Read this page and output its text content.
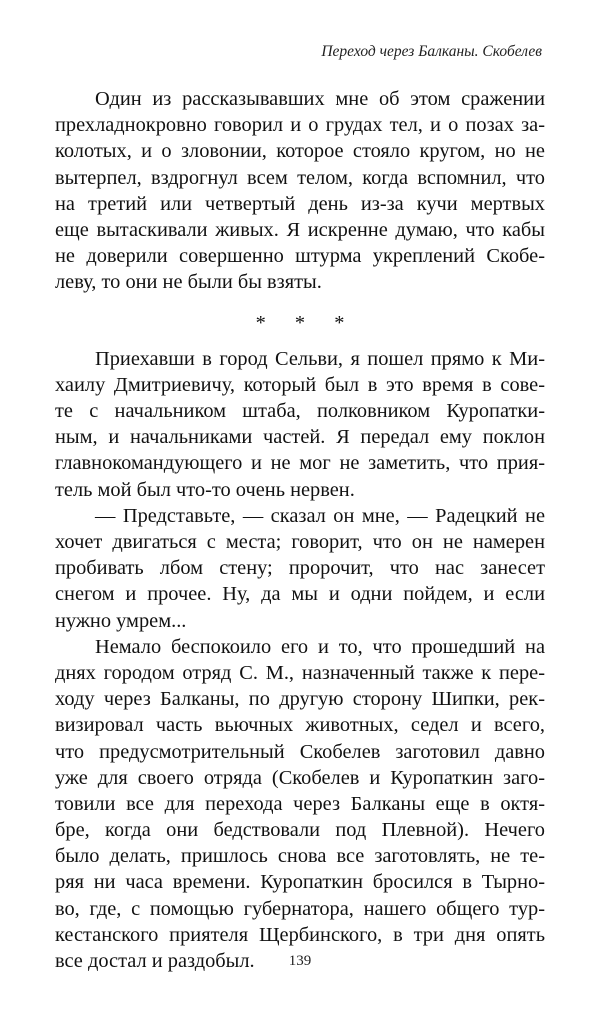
Переход через Балканы. Скобелев
Один из рассказывавших мне об этом сражении
прехладнокровно говорил и о грудах тел, и о позах за-
колотых, и о зловонии, которое стояло кругом, но не
вытерпел, вздрогнул всем телом, когда вспомнил, что
на третий или четвертый день из-за кучи мертвых
еще вытаскивали живых. Я искренне думаю, что кабы
не доверили совершенно штурма укреплений Скобе-
леву, то они не были бы взяты.
* * *
Приехавши в город Сельви, я пошел прямо к Ми-
хаилу Дмитриевичу, который был в это время в сове-
те с начальником штаба, полковником Куропатки-
ным, и начальниками частей. Я передал ему поклон
главнокомандующего и не мог не заметить, что прия-
тель мой был что-то очень нервен.
— Представьте, — сказал он мне, — Радецкий не
хочет двигаться с места; говорит, что он не намерен
пробивать лбом стену; пророчит, что нас занесет
снегом и прочее. Ну, да мы и одни пойдем, и если
нужно умрем...
Немало беспокоило его и то, что прошедший на
днях городом отряд С. М., назначенный также к пере-
ходу через Балканы, по другую сторону Шипки, рек-
визировал часть вьючных животных, седел и всего,
что предусмотрительный Скобелев заготовил давно
уже для своего отряда (Скобелев и Куропаткин заго-
товили все для перехода через Балканы еще в октя-
бре, когда они бедствовали под Плевной). Нечего
было делать, пришлось снова все заготовлять, не те-
ряя ни часа времени. Куропаткин бросился в Тырно-
во, где, с помощью губернатора, нашего общего тур-
кестанского приятеля Щербинского, в три дня опять
все достал и раздобыл.	139
